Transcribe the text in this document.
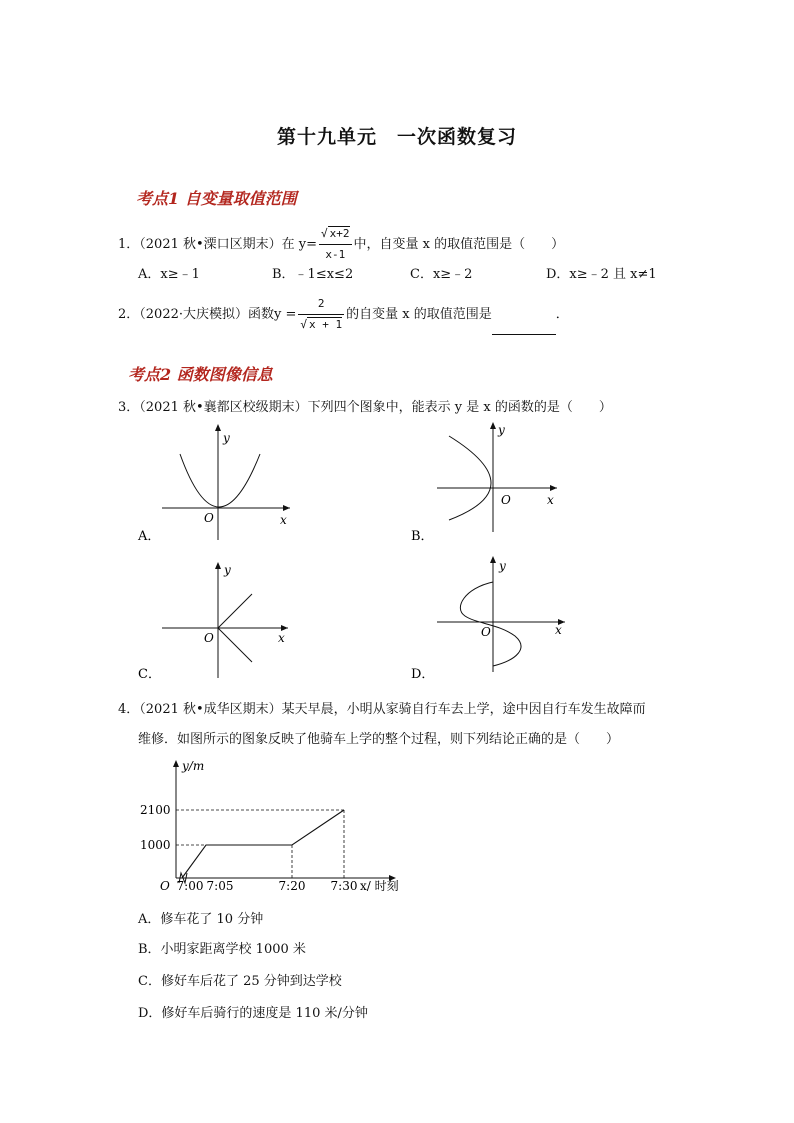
第十九单元　一次函数复习
考点1 自变量取值范围
1．（2021 秋•溧口区期末）在 $y= \frac{√ x+2}{x-1}$ 中，自变量 x 的取值范围是（　　）
A．x≥﹣1	B．﹣1≤x≤2	C．x≥﹣2	D．x≥﹣2 且 x≠1
2．（2022·大庆模拟）函数$y = \frac{2}{√ x + 1}$ 的自变量 x 的取值范围是	．
考点2 函数图像信息
3．（2021 秋•襄都区校级期末）下列四个图象中，能表示 y 是 x 的函数的是（　　）
y
x
O
A．
y
x
O
B．
y
x
O
C．
y
x
O
D．
4．（2021 秋•成华区期末）某天早晨，小明从家骑自行车去上学，途中因自行车发生故障而
维修．如图所示的图象反映了他骑车上学的整个过程，则下列结论正确的是（　　）
y/m
x/ 时刻
O
2100
1000
7:00 7:05	7:20 7:30
A．修车花了 10 分钟
B．小明家距离学校 1000 米
C．修好车后花了 25 分钟到达学校
D．修好车后骑行的速度是 110 米/分钟
